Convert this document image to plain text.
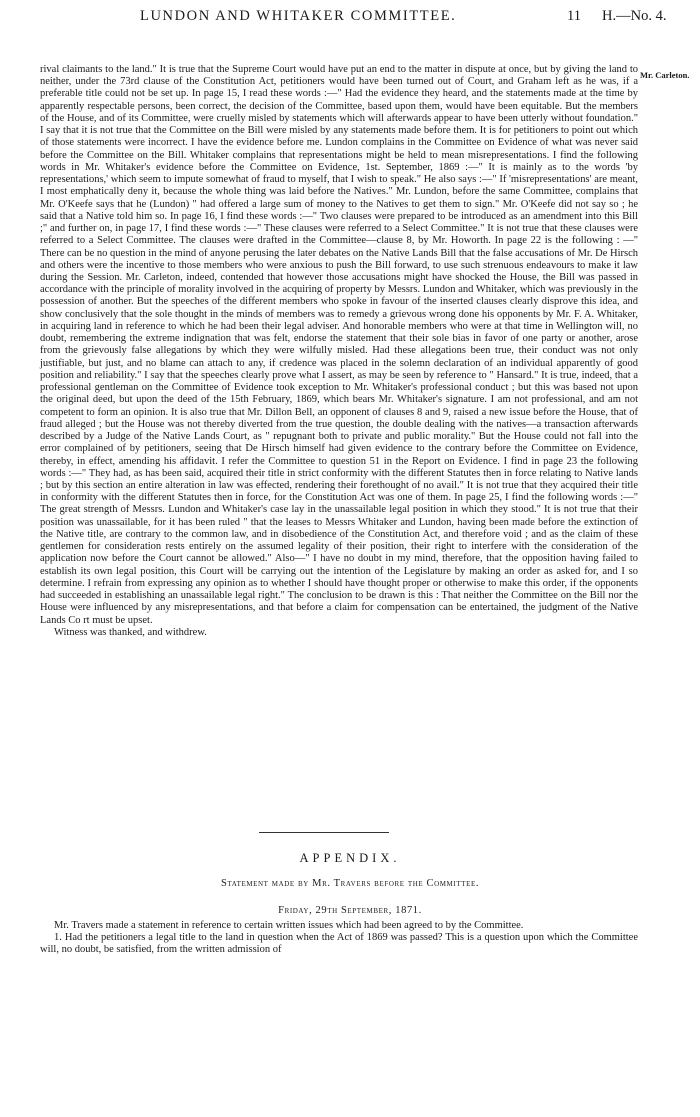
LUNDON AND WHITAKER COMMITTEE.	11 H.—No. 4.
Mr. Carleton.

rival claimants to the land." It is true that the Supreme Court would have put an end to the matter in dispute at once, but by giving the land to neither, under the 73rd clause of the Constitution Act, petitioners would have been turned out of Court, and Graham left as he was, if a preferable title could not be set up. In page 15, I read these words :—" Had the evidence they heard, and the statements made at the time by apparently respectable persons, been correct, the decision of the Committee, based upon them, would have been equitable. But the members of the House, and of its Committee, were cruelly misled by statements which will afterwards appear to have been utterly without foundation." I say that it is not true that the Committee on the Bill were misled by any statements made before them. It is for petitioners to point out which of those statements were incorrect. I have the evidence before me. Lundon complains in the Committee on Evidence of what was never said before the Committee on the Bill. Whitaker complains that representations might be held to mean misrepresentations. I find the following words in Mr. Whitaker's evidence before the Committee on Evidence, 1st. September, 1869 :—" It is mainly as to the words 'by representations,' which seem to impute somewhat of fraud to myself, that I wish to speak." He also says :—" If 'misrepresentations' are meant, I most emphatically deny it, because the whole thing was laid before the Natives." Mr. Lundon, before the same Committee, complains that Mr. O'Keefe says that he (Lundon) " had offered a large sum of money to the Natives to get them to sign." Mr. O'Keefe did not say so ; he said that a Native told him so. In page 16, I find these words :—" Two clauses were prepared to be introduced as an amendment into this Bill ;" and further on, in page 17, I find these words :—" These clauses were referred to a Select Committee." It is not true that these clauses were referred to a Select Committee. The clauses were drafted in the Committee—clause 8, by Mr. Howorth. In page 22 is the following : —" There can be no question in the mind of anyone perusing the later debates on the Native Lands Bill that the false accusations of Mr. De Hirsch and others were the incentive to those members who were anxious to push the Bill forward, to use such strenuous endeavours to make it law during the Session. Mr. Carleton, indeed, contended that however those accusations might have shocked the House, the Bill was passed in accordance with the principle of morality involved in the acquiring of property by Messrs. Lundon and Whitaker, which was previously in the possession of another. But the speeches of the different members who spoke in favour of the inserted clauses clearly disprove this idea, and show conclusively that the sole thought in the minds of members was to remedy a grievous wrong done his opponents by Mr. F. A. Whitaker, in acquiring land in reference to which he had been their legal adviser. And honorable members who were at that time in Wellington will, no doubt, remembering the extreme indignation that was felt, endorse the statement that their sole bias in favor of one party or another, arose from the grievously false allegations by which they were wilfully misled. Had these allegations been true, their conduct was not only justifiable, but just, and no blame can attach to any, if credence was placed in the solemn declaration of an individual apparently of good position and reliability." I say that the speeches clearly prove what I assert, as may be seen by reference to " Hansard." It is true, indeed, that a professional gentleman on the Committee of Evidence took exception to Mr. Whitaker's professional conduct ; but this was based not upon the original deed, but upon the deed of the 15th February, 1869, which bears Mr. Whitaker's signature. I am not professional, and am not competent to form an opinion. It is also true that Mr. Dillon Bell, an opponent of clauses 8 and 9, raised a new issue before the House, that of fraud alleged ; but the House was not thereby diverted from the true question, the double dealing with the natives—a transaction afterwards described by a Judge of the Native Lands Court, as " repugnant both to private and public morality." But the House could not fall into the error complained of by petitioners, seeing that De Hirsch himself had given evidence to the contrary before the Committee on Evidence, thereby, in effect, amending his affidavit. I refer the Committee to question 51 in the Report on Evidence. I find in page 23 the following words :—" They had, as has been said, acquired their title in strict conformity with the different Statutes then in force relating to Native lands ; but by this section an entire alteration in law was effected, rendering their forethought of no avail." It is not true that they acquired their title in conformity with the different Statutes then in force, for the Constitution Act was one of them. In page 25, I find the following words :—" The great strength of Messrs. Lundon and Whitaker's case lay in the unassailable legal position in which they stood." It is not true that their position was unassailable, for it has been ruled " that the leases to Messrs Whitaker and Lundon, having been made before the extinction of the Native title, are contrary to the common law, and in disobedience of the Constitution Act, and therefore void ; and as the claim of these gentlemen for consideration rests entirely on the assumed legality of their position, their right to interfere with the consideration of the application now before the Court cannot be allowed." Also—" I have no doubt in my mind, therefore, that the opposition having failed to establish its own legal position, this Court will be carrying out the intention of the Legislature by making an order as asked for, and I so determine. I refrain from expressing any opinion as to whether I should have thought proper or otherwise to make this order, if the opponents had succeeded in establishing an unassailable legal right." The conclusion to be drawn is this : That neither the Committee on the Bill nor the House were influenced by any misrepresentations, and that before a claim for compensation can be entertained, the judgment of the Native Lands Co rt must be upset.

Witness was thanked, and withdrew.

APPENDIX.
Statement made by Mr. Travers before the Committee.
Friday, 29th September, 1871.

Mr. Travers made a statement in reference to certain written issues which had been agreed to by the Committee.

1. Had the petitioners a legal title to the land in question when the Act of 1869 was passed? This is a question upon which the Committee will, no doubt, be satisfied, from the written admission of
